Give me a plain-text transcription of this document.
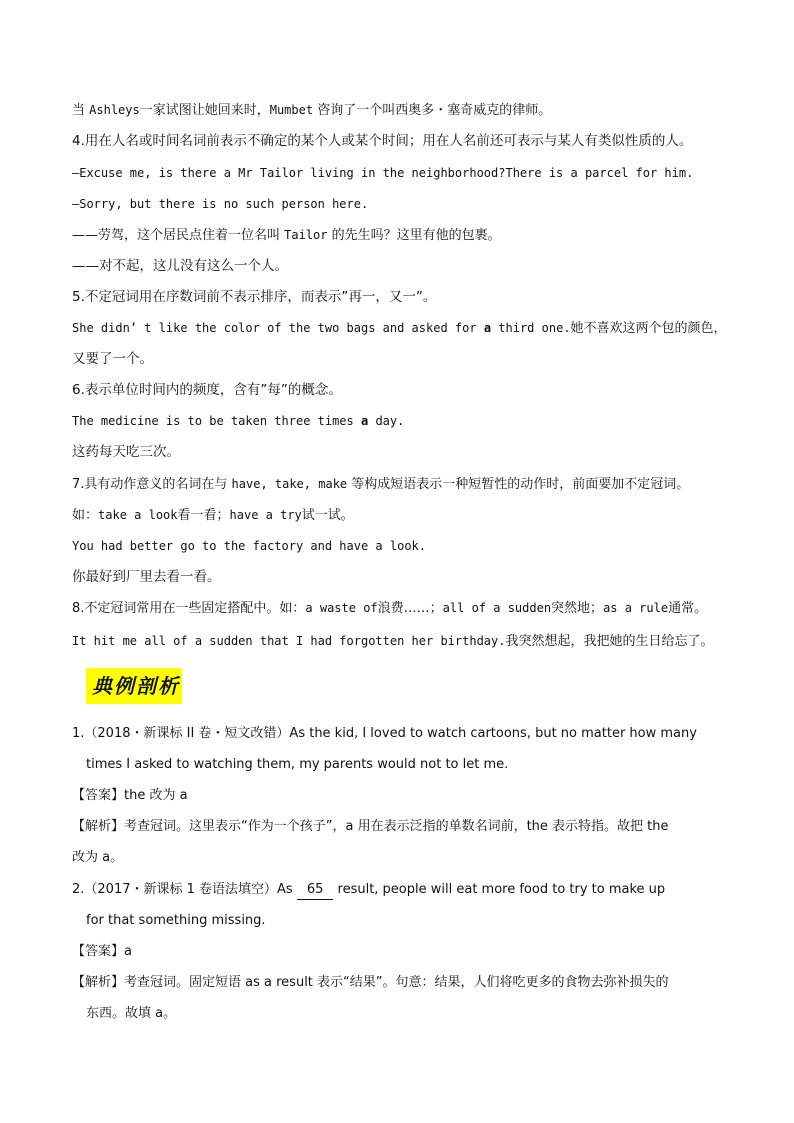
当 Ashleys一家试图让她回来时，Mumbet 咨询了一个叫西奥多・塞奇威克的律师。
4.用在人名或时间名词前表示不确定的某个人或某个时间；用在人名前还可表示与某人有类似性质的人。
—Excuse me, is there a Mr Tailor living in the neighborhood?There is a parcel for him.
—Sorry, but there is no such person here.
——劳驾，这个居民点住着一位名叫 Tailor 的先生吗？这里有他的包裹。
——对不起，这儿没有这么一个人。
5.不定冠词用在序数词前不表示排序，而表示”再一，又一”。
She didn’ t like the color of the two bags and asked for a third one.她不喜欢这两个包的颜色，
又要了一个。
6.表示单位时间内的频度，含有”每”的概念。
The medicine is to be taken three times a day.
这药每天吃三次。
7.具有动作意义的名词在与 have, take, make 等构成短语表示一种短暂性的动作时，前面要加不定冠词。
如：take a look看一看；have a try试一试。
You had better go to the factory and have a look.
你最好到厂里去看一看。
8.不定冠词常用在一些固定搭配中。如：a waste of浪费……；all of a sudden突然地；as a rule通常。
It hit me all of a sudden that I had forgotten her birthday.我突然想起，我把她的生日给忘了。
典例剖析
1.（2018・新课标 II 卷・短文改错）As the kid, I loved to watch cartoons, but no matter how many
times I asked to watching them, my parents would not to let me.
【答案】the 改为 a
【解析】考查冠词。这里表示“作为一个孩子”，a 用在表示泛指的单数名词前，the 表示特指。故把 the
改为 a。
2.（2017・新课标 1 卷语法填空）As 65 result, people will eat more food to try to make up
for that something missing.
【答案】a
【解析】考查冠词。固定短语 as a result 表示“结果”。句意：结果，人们将吃更多的食物去弥补损失的
东西。故填 a。
